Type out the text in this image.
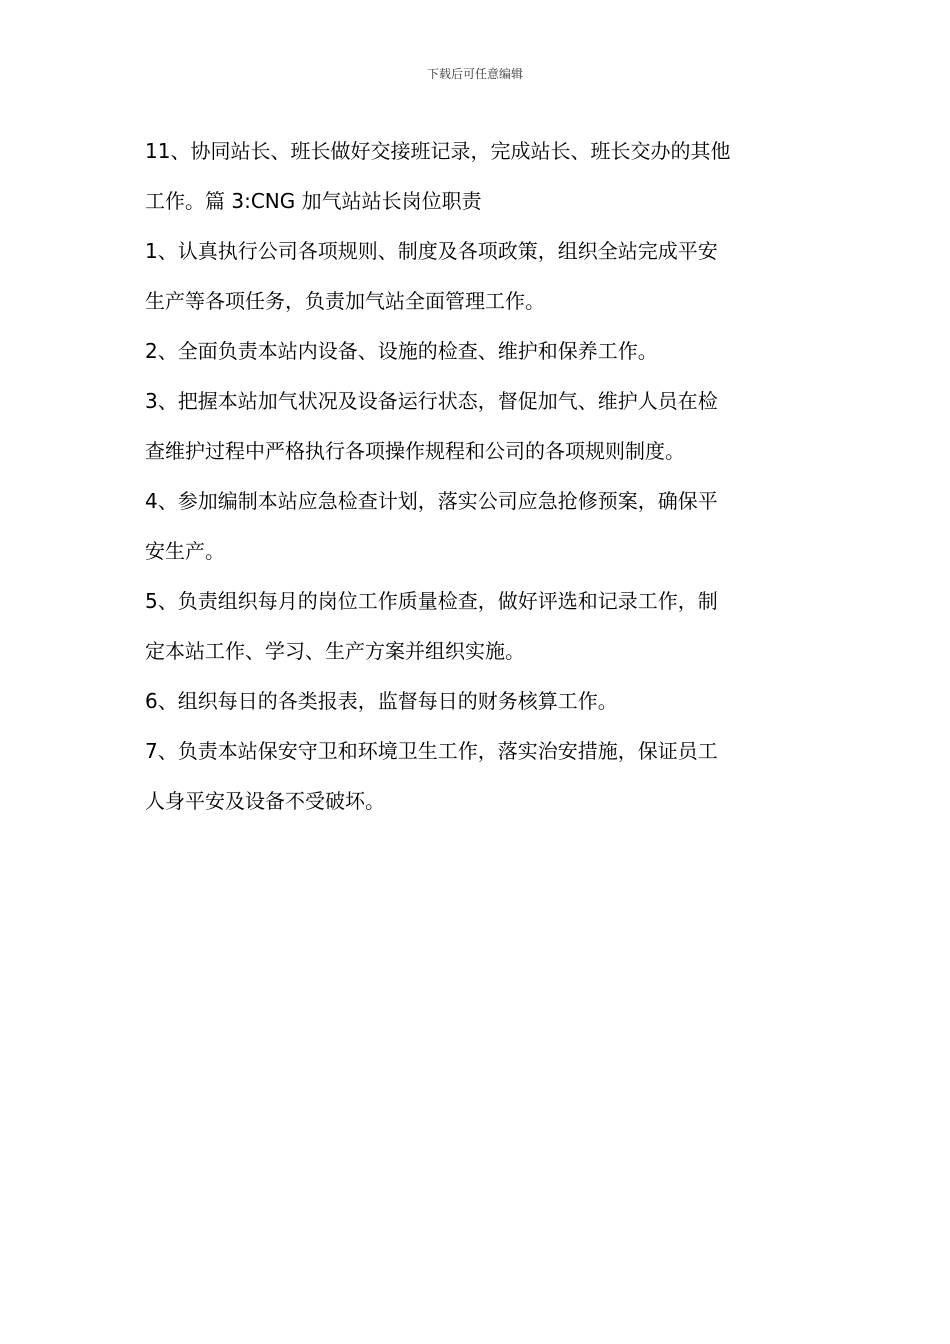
下载后可任意编辑
11、协同站长、班长做好交接班记录，完成站长、班长交办的其他
工作。篇 3:CNG 加气站站长岗位职责
1、认真执行公司各项规则、制度及各项政策，组织全站完成平安
生产等各项任务，负责加气站全面管理工作。
2、全面负责本站内设备、设施的检查、维护和保养工作。
3、把握本站加气状况及设备运行状态，督促加气、维护人员在检
查维护过程中严格执行各项操作规程和公司的各项规则制度。
4、参加编制本站应急检查计划，落实公司应急抢修预案，确保平
安生产。
5、负责组织每月的岗位工作质量检查，做好评选和记录工作，制
定本站工作、学习、生产方案并组织实施。
6、组织每日的各类报表，监督每日的财务核算工作。
7、负责本站保安守卫和环境卫生工作，落实治安措施，保证员工
人身平安及设备不受破坏。
